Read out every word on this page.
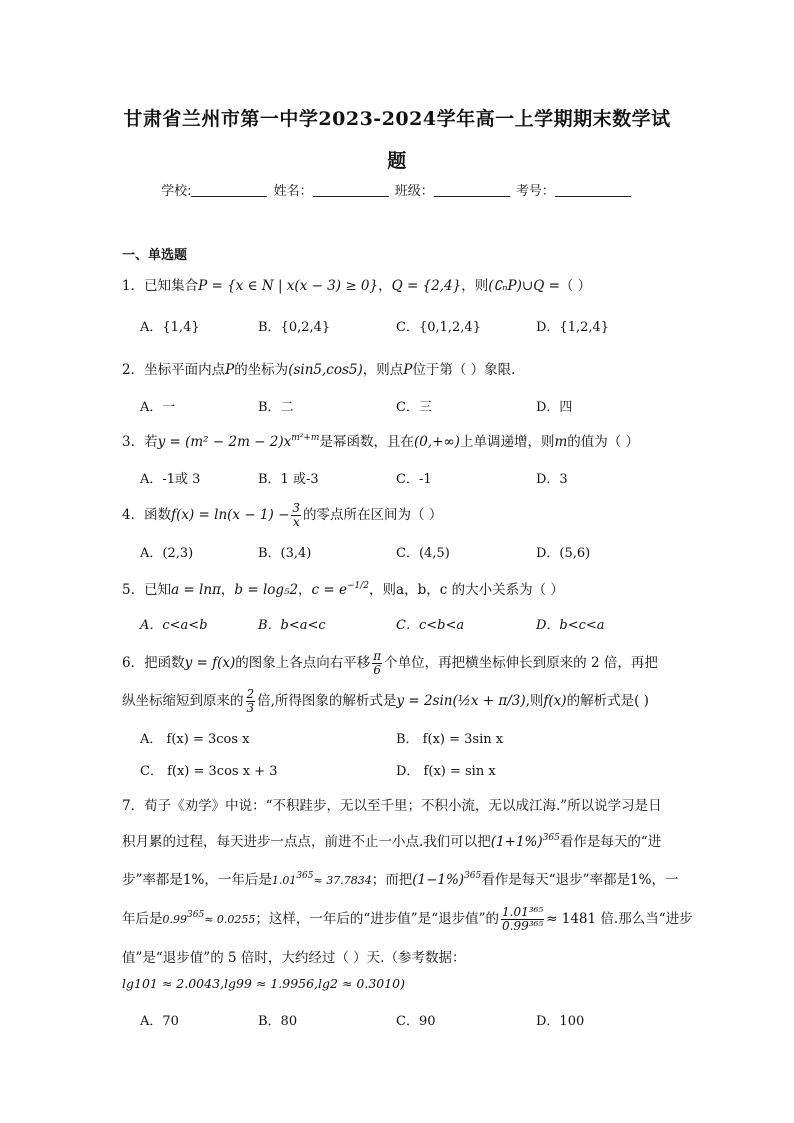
甘肃省兰州市第一中学2023-2024学年高一上学期期末数学试
题
学校:	姓名：	班级：	考号：
一、单选题
1．已知集合P = {x ∈ N | x(x − 3) ≥ 0}，Q = {2,4}，则(∁ₙP)∪Q =（ ）
A．{1,4}	B．{0,2,4}	C．{0,1,2,4}	D．{1,2,4}
2．坐标平面内点P的坐标为(sin5,cos5)，则点P位于第（ ）象限.
A．一	B．二	C．三	D．四
3．若$y = (m^2 - 2m - 2)x^{m^2+m}$是幂函数，且在(0,+∞)上单调递增，则m的值为（ ）
A．-1或 3	B．1 或-3	C．-1	D．3
4．函数$f(x) = \ln(x - 1) - \frac{3}{x}$ 的零点所在区间为（ ）
A．(2,3)	B．(3,4)	C．(4,5)	D．(5,6)
5．已知a = lnπ，b = log₅2，$c = e^{-1/2}$，则a，b，c 的大小关系为（ ）
A．c<a<b	B．b<a<c	C．c<b<a	D．b<c<a
6．把函数y = f(x)的图象上各点向右平移 $\frac{\pi}{6}$ 个单位，再把横坐标伸长到原来的 2 倍，再把
纵坐标缩短到原来的 $\frac{2}{3}$ 倍,所得图象的解析式是y = 2sin(½x + π/3),则f(x)的解析式是( )
A． f(x) = 3cos x	B． f(x) = 3sin x
C． f(x) = 3cos x + 3	D． f(x) = sin x
7．荀子《劝学》中说：“不积跬步，无以至千里；不积小流，无以成江海.”所以说学习是日
积月累的过程，每天进步一点点，前进不止一小点.我们可以把$(1+1\%)^{365}$看作是每天的“进
步”率都是1%，一年后是$1.01^{365}\approx 37.7834$；而把$(1-1\%)^{365}$看作是每天“退步”率都是1%，一
年后是$0.99^{365}\approx 0.0255$；这样，一年后的“进步值”是“退步值”的 $\frac{\text{1.01³⁶⁵}}{\text{0.99³⁶⁵}} \approx 1481$ 倍.那么当“进步
值”是“退步值”的 5 倍时，大约经过（ ）天.（参考数据：
lg101 ≈ 2.0043,lg99 ≈ 1.9956,lg2 ≈ 0.3010)
A．70	B．80	C．90	D．100
